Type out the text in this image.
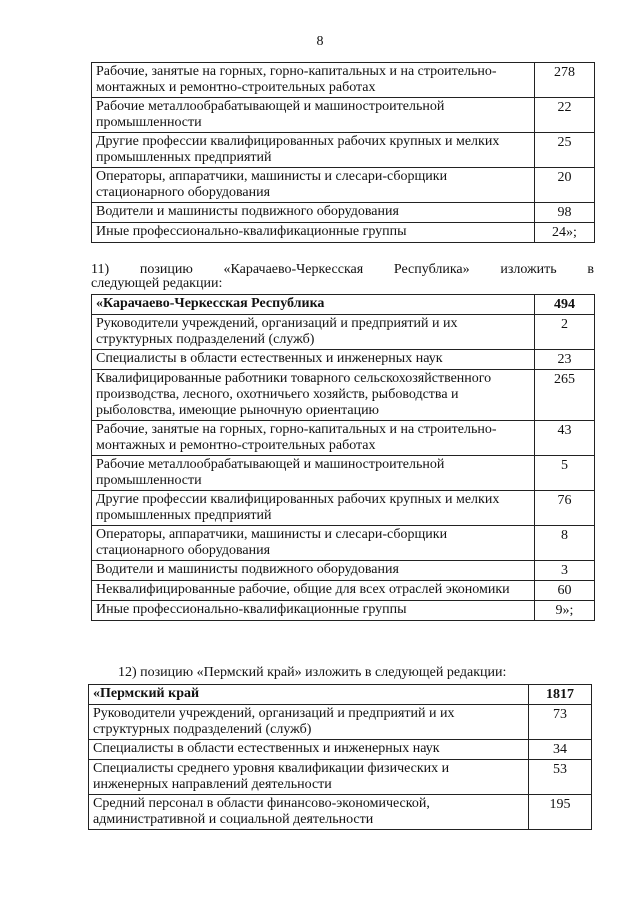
8
Рабочие, занятые на горных, горно-капитальных и на строительно-монтажных и ремонтно-строительных работах	278
Рабочие металлообрабатывающей и машиностроительной промышленности	22
Другие профессии квалифицированных рабочих крупных и мелких промышленных предприятий	25
Операторы, аппаратчики, машинисты и слесари-сборщики стационарного оборудования	20
Водители и машинисты подвижного оборудования	98
Иные профессионально-квалификационные группы	24»;
11) позицию «Карачаево-Черкесская Республика» изложить в
следующей редакции:
«Карачаево-Черкесская Республика	494
Руководители учреждений, организаций и предприятий и их структурных подразделений (служб)	2
Специалисты в области естественных и инженерных наук	23
Квалифицированные работники товарного сельскохозяйственного производства, лесного, охотничьего хозяйств, рыбоводства и рыболовства, имеющие рыночную ориентацию	265
Рабочие, занятые на горных, горно-капитальных и на строительно-монтажных и ремонтно-строительных работах	43
Рабочие металлообрабатывающей и машиностроительной промышленности	5
Другие профессии квалифицированных рабочих крупных и мелких промышленных предприятий	76
Операторы, аппаратчики, машинисты и слесари-сборщики стационарного оборудования	8
Водители и машинисты подвижного оборудования	3
Неквалифицированные рабочие, общие для всех отраслей экономики	60
Иные профессионально-квалификационные группы	9»;
12) позицию «Пермский край» изложить в следующей редакции:
«Пермский край	1817
Руководители учреждений, организаций и предприятий и их структурных подразделений (служб)	73
Специалисты в области естественных и инженерных наук	34
Специалисты среднего уровня квалификации физических и инженерных направлений деятельности	53
Средний персонал в области финансово-экономической, административной и социальной деятельности	195
